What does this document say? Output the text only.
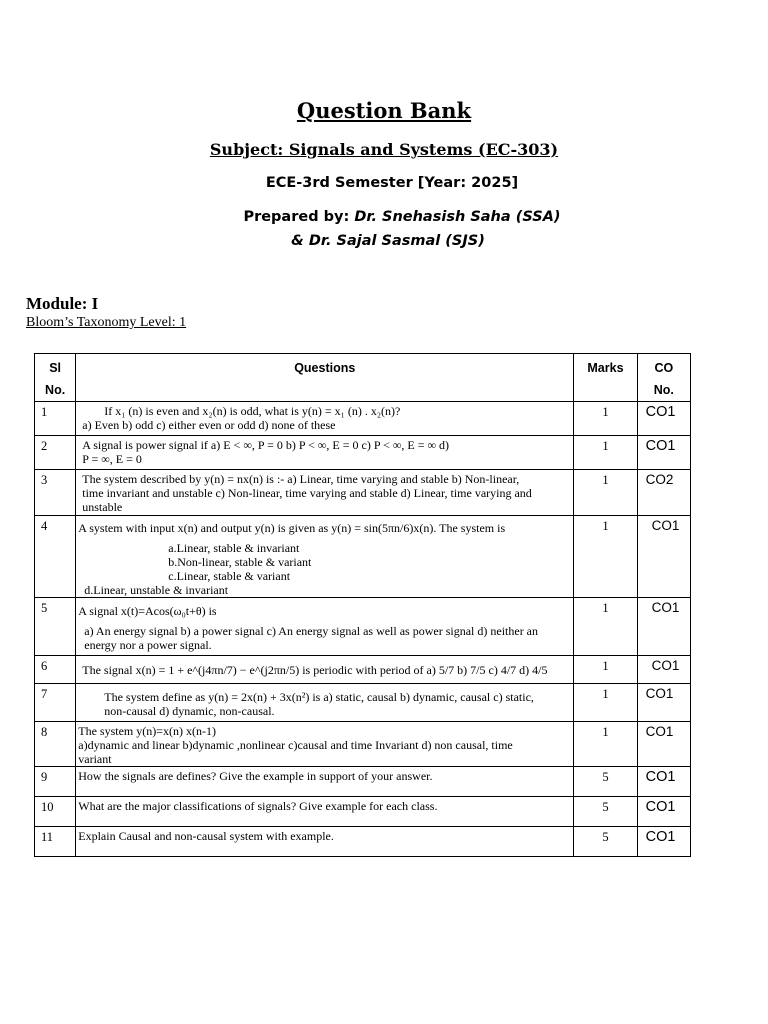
Question Bank
Subject: Signals and Systems (EC-303)
ECE-3rd Semester [Year: 2025]
Prepared by: Dr. Snehasish Saha (SSA)
& Dr. Sajal Sasmal (SJS)
Module: I
Bloom’s Taxonomy Level: 1
Sl
No.	Questions	Marks	CO
No.
1	If x₁ (n) is even and x₂(n) is odd, what is y(n) = x₁ (n) . x₂(n)?
a) Even b) odd c) either even or odd d) none of these	1	CO1
2	A signal is power signal if a) E < ∞, P = 0 b) P < ∞, E = 0 c) P < ∞, E = ∞ d)
P = ∞, E = 0	1	CO1
3	The system described by y(n) = nx(n) is :- a) Linear, time varying and stable b) Non-linear,
time invariant and unstable c) Non-linear, time varying and stable d) Linear, time varying and
unstable	1	CO2
4	A system with input x(n) and output y(n) is given as y(n) = sin(5πn/6)x(n). The system is
a.Linear, stable & invariant
b.Non-linear, stable & variant
c.Linear, stable & variant
d.Linear, unstable & invariant	1	CO1
5	A signal x(t)=Acos(ω₀t+θ) is
a) An energy signal b) a power signal c) An energy signal as well as power signal d) neither an
energy nor a power signal.	1	CO1
6	The signal x(n) = 1 + e^(j4πn/7) − e^(j2πn/5) is periodic with period of a) 5/7 b) 7/5 c) 4/7 d) 4/5	1	CO1
7	The system define as y(n) = 2x(n) + 3x(n²) is a) static, causal b) dynamic, causal c) static,
non-causal d) dynamic, non-causal.	1	CO1
8	The system y(n)=x(n) x(n-1)
a)dynamic and linear b)dynamic ,nonlinear c)causal and time Invariant d) non causal, time
variant	1	CO1
9	How the signals are defines? Give the example in support of your answer.	5	CO1
10	What are the major classifications of signals? Give example for each class.	5	CO1
11	Explain Causal and non-causal system with example.	5	CO1
